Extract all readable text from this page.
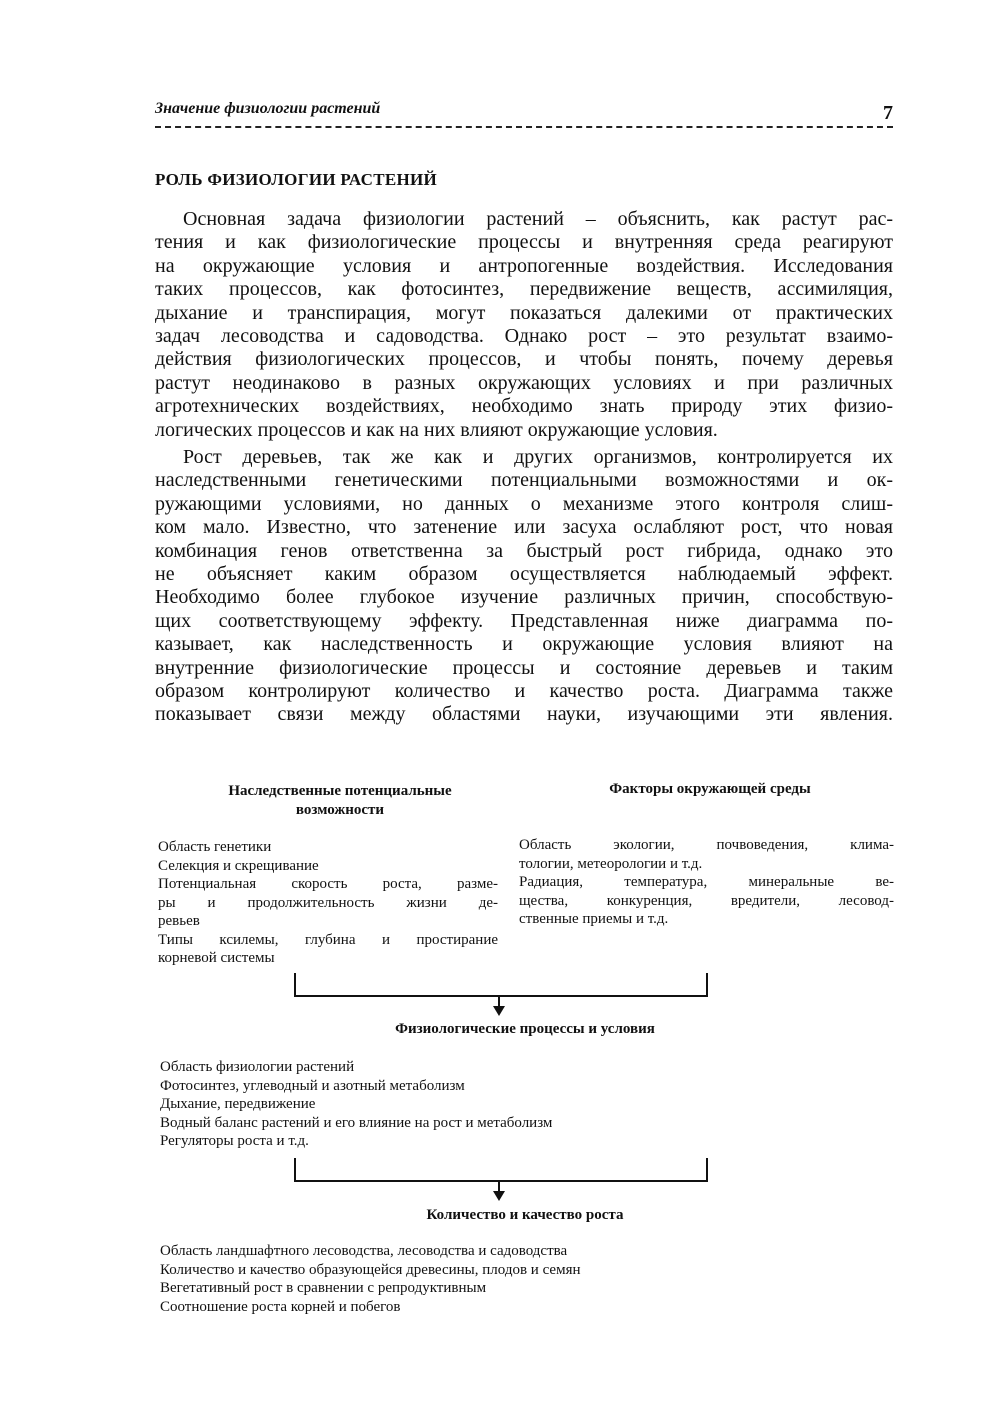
Значение физиологии растений	7
РОЛЬ ФИЗИОЛОГИИ РАСТЕНИЙ
Основная задача физиологии растений – объяснить, как растут рас-
тения и как физиологические процессы и внутренняя среда реагируют
на окружающие условия и антропогенные воздействия. Исследования
таких процессов, как фотосинтез, передвижение веществ, ассимиляция,
дыхание и транспирация, могут показаться далекими от практических
задач лесоводства и садоводства. Однако рост – это результат взаимо-
действия физиологических процессов, и чтобы понять, почему деревья
растут неодинаково в разных окружающих условиях и при различных
агротехнических воздействиях, необходимо знать природу этих физио-
логических процессов и как на них влияют окружающие условия.
Рост деревьев, так же как и других организмов, контролируется их
наследственными генетическими потенциальными возможностями и ок-
ружающими условиями, но данных о механизме этого контроля слиш-
ком мало. Известно, что затенение или засуха ослабляют рост, что новая
комбинация генов ответственна за быстрый рост гибрида, однако это
не объясняет каким образом осуществляется наблюдаемый эффект.
Необходимо более глубокое изучение различных причин, способствую-
щих соответствующему эффекту. Представленная ниже диаграмма по-
казывает, как наследственность и окружающие условия влияют на
внутренние физиологические процессы и состояние деревьев и таким
образом контролируют количество и качество роста. Диаграмма также
показывает связи между областями науки, изучающими эти явления.
Наследственные потенциальные
возможности
Факторы окружающей среды
Область генетики
Селекция и скрещивание
Потенциальная скорость роста, разме-
ры и продолжительность жизни де-
ревьев
Типы ксилемы, глубина и простирание
корневой системы
Область экологии, почвоведения, клима-
тологии, метеорологии и т.д.
Радиация, температура, минеральные ве-
щества, конкуренция, вредители, лесовод-
ственные приемы и т.д.
Физиологические процессы и условия
Область физиологии растений
Фотосинтез, углеводный и азотный метаболизм
Дыхание, передвижение
Водный баланс растений и его влияние на рост и метаболизм
Регуляторы роста и т.д.
Количество и качество роста
Область ландшафтного лесоводства, лесоводства и садоводства
Количество и качество образующейся древесины, плодов и семян
Вегетативный рост в сравнении с репродуктивным
Соотношение роста корней и побегов
